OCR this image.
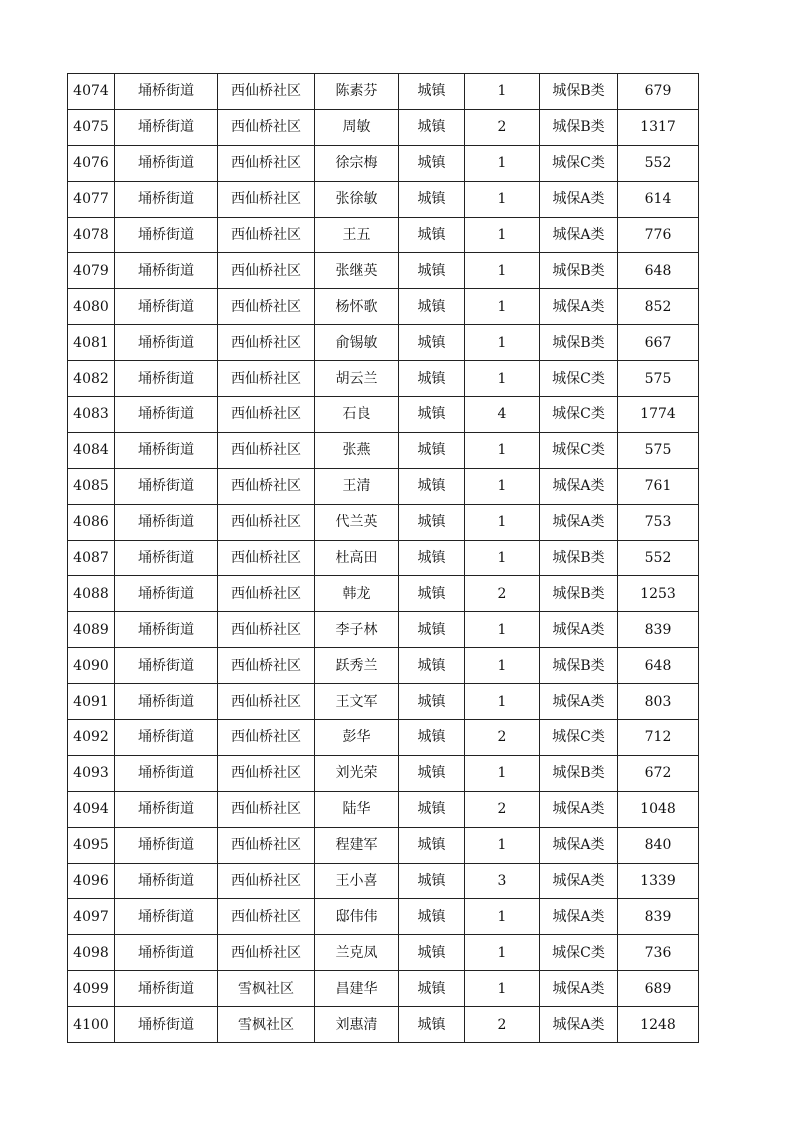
4074	埇桥街道	西仙桥社区	陈素芬	城镇	1	城保B类	679
4075	埇桥街道	西仙桥社区	周敏	城镇	2	城保B类	1317
4076	埇桥街道	西仙桥社区	徐宗梅	城镇	1	城保C类	552
4077	埇桥街道	西仙桥社区	张徐敏	城镇	1	城保A类	614
4078	埇桥街道	西仙桥社区	王五	城镇	1	城保A类	776
4079	埇桥街道	西仙桥社区	张继英	城镇	1	城保B类	648
4080	埇桥街道	西仙桥社区	杨怀歌	城镇	1	城保A类	852
4081	埇桥街道	西仙桥社区	俞锡敏	城镇	1	城保B类	667
4082	埇桥街道	西仙桥社区	胡云兰	城镇	1	城保C类	575
4083	埇桥街道	西仙桥社区	石良	城镇	4	城保C类	1774
4084	埇桥街道	西仙桥社区	张燕	城镇	1	城保C类	575
4085	埇桥街道	西仙桥社区	王清	城镇	1	城保A类	761
4086	埇桥街道	西仙桥社区	代兰英	城镇	1	城保A类	753
4087	埇桥街道	西仙桥社区	杜高田	城镇	1	城保B类	552
4088	埇桥街道	西仙桥社区	韩龙	城镇	2	城保B类	1253
4089	埇桥街道	西仙桥社区	李子林	城镇	1	城保A类	839
4090	埇桥街道	西仙桥社区	跃秀兰	城镇	1	城保B类	648
4091	埇桥街道	西仙桥社区	王文军	城镇	1	城保A类	803
4092	埇桥街道	西仙桥社区	彭华	城镇	2	城保C类	712
4093	埇桥街道	西仙桥社区	刘光荣	城镇	1	城保B类	672
4094	埇桥街道	西仙桥社区	陆华	城镇	2	城保A类	1048
4095	埇桥街道	西仙桥社区	程建军	城镇	1	城保A类	840
4096	埇桥街道	西仙桥社区	王小喜	城镇	3	城保A类	1339
4097	埇桥街道	西仙桥社区	邸伟伟	城镇	1	城保A类	839
4098	埇桥街道	西仙桥社区	兰克凤	城镇	1	城保C类	736
4099	埇桥街道	雪枫社区	昌建华	城镇	1	城保A类	689
4100	埇桥街道	雪枫社区	刘惠清	城镇	2	城保A类	1248
